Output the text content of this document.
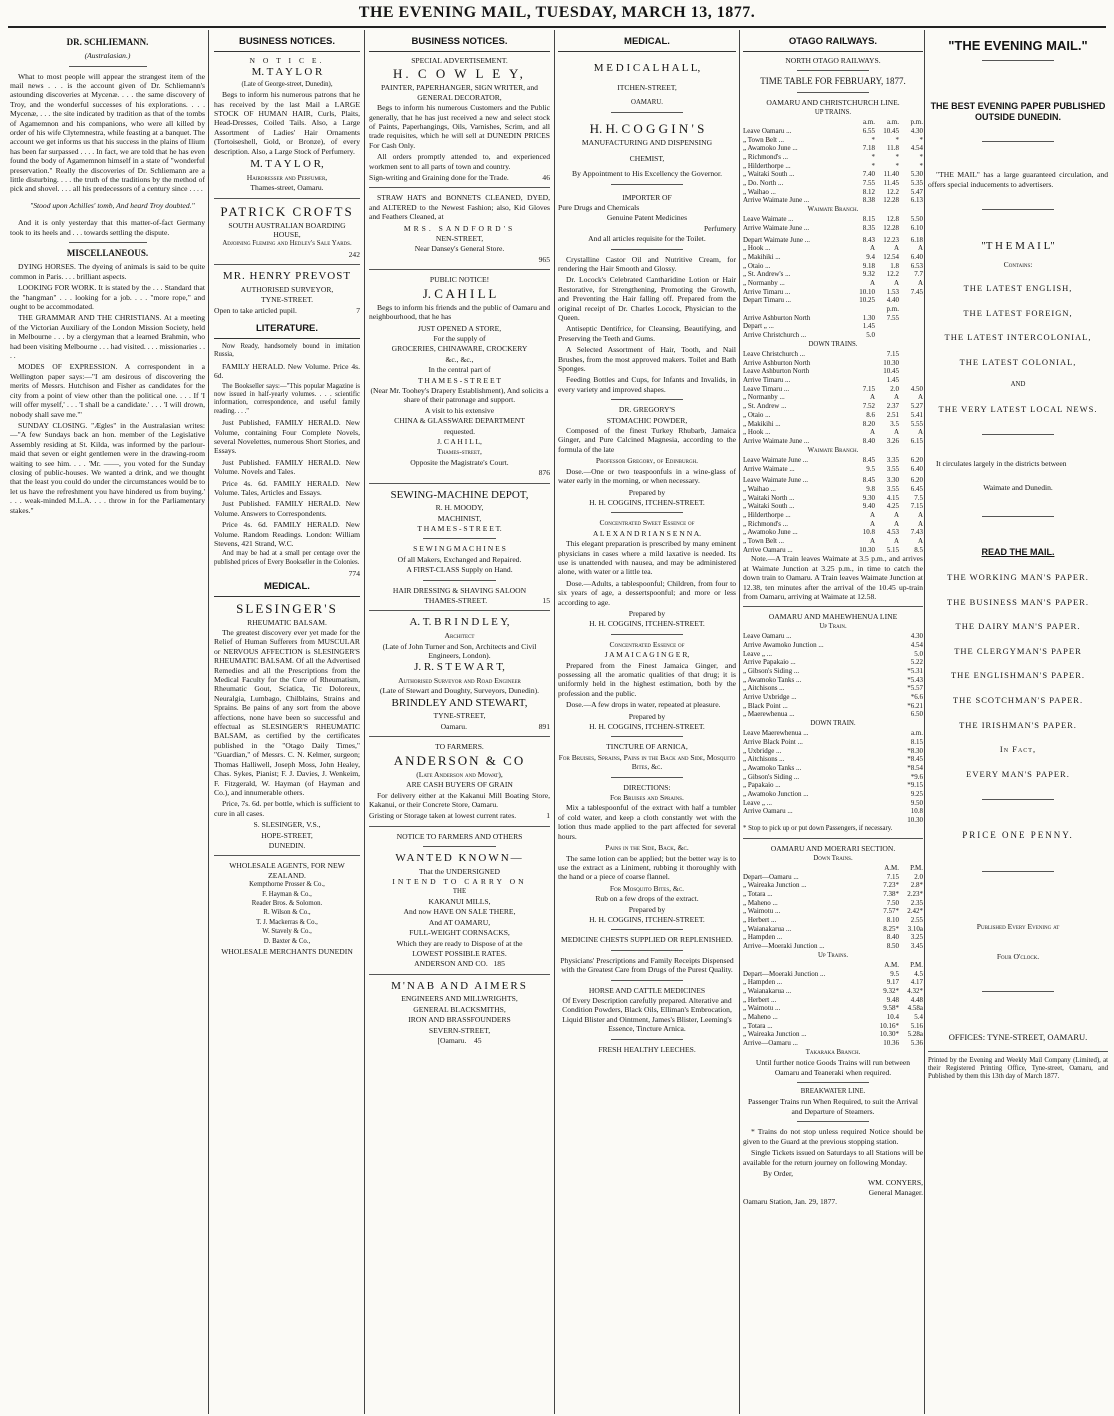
THE EVENING MAIL, TUESDAY, MARCH 13, 1877.
DR. SCHLIEMANN.
(Australasian.)

What to most people will appear the strangest item of the mail news . . . is the account given of Dr. Schliemann's astounding discoveries at Mycenæ. . . . the same discovery of Troy, and the wonderful successes of his explorations. . . . Mycenæ, . . . the site indicated by tradition as that of the tombs of Agamemnon and his companions, who were all killed by order of his wife Clytemnestra, while feasting at a banquet. The account we get informs us that his success in the plains of Ilium has been far surpassed . . . . In fact, we are told that he has even found the body of Agamemnon himself in a state of "wonderful preservation." Really the discoveries of Dr. Schliemann are a little disturbing. . . . the truth of the traditions by the method of pick and shovel. . . . all his predecessors of a century since . . . .

"Stood upon Achilles' tomb, And heard Troy doubted."

And it is only yesterday that this matter-of-fact Germany took to its heels and . . . towards settling the dispute.

MISCELLANEOUS.

DYING HORSES. The dyeing of animals is said to be quite common in Paris. . . . brilliant aspects.

LOOKING FOR WORK. It is stated by the . . . Standard that the "hangman" . . . looking for a job. . . . "more rope," and ought to be accommodated.

THE GRAMMAR AND THE CHRISTIANS. At a meeting of the Victorian Auxiliary of the London Mission Society, held in Melbourne . . . by a clergyman that a learned Brahmin, who had been visiting Melbourne . . . had visited. . . . missionaries . . . .

MODES OF EXPRESSION. A correspondent in a Wellington paper says:—"I am desirous of discovering the merits of Messrs. Hutchison and Fisher as candidates for the city from a point of view other than the political one. . . . If 'I will offer myself,' . . . 'I shall be a candidate.' . . . 'I will drown, nobody shall save me.'"

SUNDAY CLOSING. "Ægles" in the Australasian writes:—"A few Sundays back an hon. member of the Legislative Assembly residing at St. Kilda, was informed by the parlour-maid that seven or eight gentlemen were in the drawing-room waiting to see him. . . . 'Mr. ——, you voted for the Sunday closing of public-houses. We wanted a drink, and we thought that the least you could do under the circumstances would be to let us have the refreshment you have hindered us from buying.' . . . weak-minded M.L.A. . . . throw in for the Parliamentary stakes."

BUSINESS NOTICES.
N O T I C E.
M. T A Y L O R
(Late of George-street, Dunedin),

Begs to inform his numerous patrons that he has received by the last Mail a LARGE STOCK OF HUMAN HAIR, Curls, Plaits, Head-Dresses, Coiled Tails. Also, a Large Assortment of Ladies' Hair Ornaments (Tortoiseshell, Gold, or Bronze), of every description. Also, a Large Stock of Perfumery.

M. T A Y L O R,
Hairdresser and Perfumer,
Thames-street, Oamaru.
PATRICK CROFTS
SOUTH AUSTRALIAN BOARDING HOUSE,
Adjoining Fleming and Hedley's Sale Yards.
242
MR. HENRY PREVOST
AUTHORISED SURVEYOR,
TYNE-STREET.
Open to take articled pupil.	7
LITERATURE.

Now Ready, handsomely bound in imitation Russia,

FAMILY HERALD. New Volume. Price 4s. 6d.

The Bookseller says:—"This popular Magazine is now issued in half-yearly volumes. . . . scientific information, correspondence, and useful family reading. . . ."

Just Published, FAMILY HERALD. New Volume, containing Four Complete Novels, several Novelettes, numerous Short Stories, and Essays.

Just Published. FAMILY HERALD. New Volume. Novels and Tales.

Price 4s. 6d. FAMILY HERALD. New Volume. Tales, Articles and Essays.

Just Published. FAMILY HERALD. New Volume. Answers to Correspondents.

Price 4s. 6d. FAMILY HERALD. New Volume. Random Readings. London: William Stevens, 421 Strand, W.C.

And may be had at a small per centage over the published prices of Every Bookseller in the Colonies.

774
MEDICAL.
SLESINGER'S
RHEUMATIC BALSAM.

The greatest discovery ever yet made for the Relief of Human Sufferers from MUSCULAR or NERVOUS AFFECTION is SLESINGER'S RHEUMATIC BALSAM. Of all the Advertised Remedies and all the Prescriptions from the Medical Faculty for the Cure of Rheumatism, Rheumatic Gout, Sciatica, Tic Doloreux, Neuralgia, Lumbago, Chilblains, Strains and Sprains. Be pains of any sort from the above affections, none have been so successful and effectual as SLESINGER'S RHEUMATIC BALSAM, as certified by the certificates published in the "Otago Daily Times," "Guardian," of Messrs. C. N. Kelmer, surgeon; Thomas Halliwell, Joseph Moss, John Healey, Chas. Sykes, Pianist; F. J. Davies, J. Wenkeim, F. Fitzgerald, W. Hayman (of Hayman and Co.), and innumerable others.

Price, 7s. 6d. per bottle, which is sufficient to cure in all cases.

S. SLESINGER, V.S.,
HOPE-STREET,
DUNEDIN.
WHOLESALE AGENTS, FOR NEW ZEALAND.
Kempthorne Prosser & Co.,
F. Hayman & Co.,
Reader Bros. & Solomon.
R. Wilson & Co.,
T. J. Mackerras & Co.,
W. Stavely & Co.,
D. Baxter & Co.,
WHOLESALE MERCHANTS DUNEDIN
BUSINESS NOTICES.
SPECIAL ADVERTISEMENT.
H. C O W L E Y,
PAINTER, PAPERHANGER, SIGN WRITER, and GENERAL DECORATOR,

Begs to inform his numerous Customers and the Public generally, that he has just received a new and select stock of Paints, Paperhangings, Oils, Varnishes, Scrim, and all trade requisites, which he will sell at DUNEDIN PRICES For Cash Only.

All orders promptly attended to, and experienced workmen sent to all parts of town and country.

Sign-writing and Graining done for the Trade.	46

STRAW HATS and BONNETS CLEANED, DYED, and ALTERED to the Newest Fashion; also, Kid Gloves and Feathers Cleaned, at

MRS. SANDFORD'S
NEN-STREET,
Near Dansey's General Store.
965
PUBLIC NOTICE!
J. C A H I L L

Begs to inform his friends and the public of Oamaru and neighbourhood, that he has

JUST OPENED A STORE,
For the supply of
GROCERIES, CHINAWARE, CROCKERY
&c., &c.,
In the central part of
T H A M E S - S T R E E T
(Near Mr. Toohey's Drapery Establishment), And solicits a share of their patronage and support.
A visit to his extensive
CHINA & GLASSWARE DEPARTMENT
requested.
J. C A H I L L,
Thames-street,
Opposite the Magistrate's Court.
876
SEWING-MACHINE DEPOT,
R. H. MOODY,
MACHINIST,
T H A M E S - S T R E E T.
S E W I N G M A C H I N E S
Of all Makers, Exchanged and Repaired.
A FIRST-CLASS Supply on Hand.
HAIR DRESSING & SHAVING SALOON
THAMES-STREET.	15
A. T. B R I N D L E Y,
Architect
(Late of John Turner and Son, Architects and Civil Engineers, London).
J. R. S T E W A R T,
Authorised Surveyor and Road Engineer
(Late of Stewart and Doughty, Surveyors, Dunedin).
BRINDLEY AND STEWART,
TYNE-STREET,
Oamaru.	891
TO FARMERS.
ANDERSON & CO
(Late Anderson and Mowat),
ARE CASH BUYERS OF GRAIN

For delivery either at the Kakanui Mill Boating Store, Kakanui, or their Concrete Store, Oamaru.

Gristing or Storage taken at lowest current rates.	1
NOTICE TO FARMERS AND OTHERS
WANTED KNOWN—
That the UNDERSIGNED
INTEND TO CARRY ON
THE
KAKANUI MILLS,
And now HAVE ON SALE THERE,
And AT OAMARU,
FULL-WEIGHT CORNSACKS,
Which they are ready to Dispose of at the
LOWEST POSSIBLE RATES.
ANDERSON AND CO. 185
M'NAB AND AIMERS
ENGINEERS AND MILLWRIGHTS,
GENERAL BLACKSMITHS,
IRON AND BRASSFOUNDERS
SEVERN-STREET,
[Oamaru. 45
MEDICAL.
M E D I C A L H A L L,
ITCHEN-STREET,
OAMARU.
H. H. C O G G I N ' S
MANUFACTURING AND DISPENSING
CHEMIST,
By Appointment to His Excellency the Governor.
IMPORTER OF
Pure Drugs and Chemicals
Genuine Patent Medicines
Perfumery
And all articles requisite for the Toilet.

Crystalline Castor Oil and Nutritive Cream, for rendering the Hair Smooth and Glossy.

Dr. Locock's Celebrated Cantharidine Lotion or Hair Restorative, for Strengthening, Promoting the Growth, and Preventing the Hair falling off. Prepared from the original receipt of Dr. Charles Locock, Physician to the Queen.

Antiseptic Dentifrice, for Cleansing, Beautifying, and Preserving the Teeth and Gums.

A Selected Assortment of Hair, Tooth, and Nail Brushes, from the most approved makers. Toilet and Bath Sponges.

Feeding Bottles and Cups, for Infants and Invalids, in every variety and improved shapes.

DR. GREGORY'S
STOMACHIC POWDER,

Composed of the finest Turkey Rhubarb, Jamaica Ginger, and Pure Calcined Magnesia, according to the formula of the late

Professor Gregory, of Edinburgh.

Dose.—One or two teaspoonfuls in a wine-glass of water early in the morning, or when necessary.

Prepared by
H. H. COGGINS, ITCHEN-STREET.
Concentrated Sweet Essence of
A L E X A N D R I A N S E N N A.

This elegant preparation is prescribed by many eminent physicians in cases where a mild laxative is needed. Its use is unattended with nausea, and may be administered alone, with water or a little tea.

Dose.—Adults, a tablespoonful; Children, from four to six years of age, a dessertspoonful; and more or less according to age.

Prepared by
H. H. COGGINS, ITCHEN-STREET.
Concentrated Essence of
J A M A I C A G I N G E R,

Prepared from the Finest Jamaica Ginger, and possessing all the aromatic qualities of that drug; it is uniformly held in the highest estimation, both by the profession and the public.

Dose.—A few drops in water, repeated at pleasure.

Prepared by
H. H. COGGINS, ITCHEN-STREET.
TINCTURE OF ARNICA,
For Bruises, Sprains, Pains in the Back and Side, Mosquito Bites, &c.
DIRECTIONS:
For Bruises and Sprains.

Mix a tablespoonful of the extract with half a tumbler of cold water, and keep a cloth constantly wet with the lotion thus made applied to the part affected for several hours.

Pains in the Side, Back, &c.

The same lotion can be applied; but the better way is to use the extract as a Liniment, rubbing it thoroughly with the hand or a piece of coarse flannel.

For Mosquito Bites, &c.
Rub on a few drops of the extract.
Prepared by
H. H. COGGINS, ITCHEN-STREET.
MEDICINE CHESTS SUPPLIED OR REPLENISHED.
Physicians' Prescriptions and Family Receipts Dispensed with the Greatest Care from Drugs of the Purest Quality.
HORSE AND CATTLE MEDICINES
Of Every Description carefully prepared. Alterative and Condition Powders, Black Oils, Elliman's Embrocation, Liquid Blister and Ointment, James's Blister, Leeming's Essence, Tincture Arnica.
FRESH HEALTHY LEECHES.
OTAGO RAILWAYS.
NORTH OTAGO RAILWAYS.
TIME TABLE FOR FEBRUARY, 1877.
OAMARU AND CHRISTCHURCH LINE.
UP TRAINS.
	a.m.	a.m.	p.m.
Leave Oamaru ...	6.55	10.45	4.30
„ Town Belt ...	*	*	*
„ Awamoko June ...	7.18	11.8	4.54
„ Richmond's ...	*	*	*
„ Hilderthorpe ...	*	*	*
„ Waitaki South ...	7.40	11.40	5.30
„ Do. North ...	7.55	11.45	5.35
„ Waihao ...	8.12	12.2	5.47
Arrive Waimate June ...	8.38	12.28	6.13
Waimate Branch.
Leave Waimate ...	8.15	12.8	5.50
Arrive Waimate June ...	8.35	12.28	6.10
Depart Waimate June ...	8.43	12.23	6.18
„ Hook ...	A	A	A
„ Makihiki ...	9.4	12.54	6.40
„ Otaio ...	9.18	1.8	6.53
„ St. Andrew's ...	9.32	12.2	7.7
„ Normanby ...	A	A	A
Arrive Timaru ...	10.10	1.53	7.45
Depart Timaru ...	10.25	4.40	
		p.m.	
Arrive Ashburton North	1.30	7.55	
Depart „ ...	1.45		
Arrive Christchurch ...	5.0		
DOWN TRAINS.
Leave Christchurch ...		7.15	
Arrive Ashburton North		10.30	
Leave Ashburton North		10.45	
Arrive Timaru ...		1.45	
Leave Timaru ...	7.15	2.0	4.50
„ Normanby ...	A	A	A
„ St. Andrew ...	7.52	2.37	5.27
„ Otaio ...	8.6	2.51	5.41
„ Makikihi ...	8.20	3.5	5.55
„ Hook ...	A	A	A
Arrive Waimate June ...	8.40	3.26	6.15
Waimate Branch.
Leave Waimate June ...	8.45	3.35	6.20
Arrive Waimate ...	9.5	3.55	6.40
Leave Waimate June ...	8.45	3.30	6.20
„ Waihao ...	9.8	3.55	6.45
„ Waitaki North ...	9.30	4.15	7.5
„ Waitaki South ...	9.40	4.25	7.15
„ Hilderthorpe ...	A	A	A
„ Richmond's ...	A	A	A
„ Awamoko June ...	10.8	4.53	7.43
„ Town Belt ...	A	A	A
Arrive Oamaru ...	10.30	5.15	8.5

Note.—A Train leaves Waimate at 3.5 p.m., and arrives at Waimate Junction at 3.25 p.m., in time to catch the down train to Oamaru. A Train leaves Waimate Junction at 12.38, ten minutes after the arrival of the 10.45 up-train from Oamaru, arriving at Waimate at 12.58.

OAMARU AND MAHEWHENUA LINE
Up Train.
Leave Oamaru ...	4.30
Arrive Awamoko Junction ...	4.54
Leave „ ...	5.0
Arrive Papakaio ...	5.22
„ Gibson's Siding ...	*5.31
„ Awamoko Tanks ...	*5.43
„ Aitchisons ...	*5.57
Arrive Uxbridge ...	*6.6
„ Black Point ...	*6.21
„ Maerewhenua ...	6.50
DOWN TRAIN.
Leave Maerewhenua ...	a.m.
Arrive Black Point ...	8.15
„ Uxbridge ...	*8.30
„ Aitchisons ...	*8.45
„ Awamoko Tanks ...	*8.54
„ Gibson's Siding ...	*9.6
„ Papakaio ...	*9.15
„ Awamoko Junction ...	9.25
Leave „ ...	9.50
Arrive Oamaru ...	10.8
	10.30
* Stop to pick up or put down Passengers, if necessary.
OAMARU AND MOERARI SECTION.
Down Trains.
	A.M.	P.M.
Depart—Oamaru ...	7.15	2.0
„ Waireaka Junction ...	7.23*	2.8*
„ Totara ...	7.38*	2.23*
„ Maheno ...	7.50	2.35
„ Waimotu ...	7.57*	2.42*
„ Herbert ...	8.10	2.55
„ Waianakarua ...	8.25*	3.10a
„ Hampden ...	8.40	3.25
Arrive—Moeraki Junction ...	8.50	3.45
Up Trains.
	A.M.	P.M.
Depart—Moeraki Junction ...	9.5	4.5
„ Hampden ...	9.17	4.17
„ Waianakarua ...	9.32*	4.32*
„ Herbert ...	9.48	4.48
„ Waimotu ...	9.58*	4.58a
„ Maheno ...	10.4	5.4
„ Totara ...	10.16*	5.16
„ Waireaka Junction ...	10.30*	5.28a
Arrive—Oamaru ...	10.36	5.36
Takaraka Branch.
Until further notice Goods Trains will run between Oamaru and Teaneraki when required.
BREAKWATER LINE.
Passenger Trains run When Required, to suit the Arrival and Departure of Steamers.

* Trains do not stop unless required Notice should be given to the Guard at the previous stopping station.

Single Tickets issued on Saturdays to all Stations will be available for the return journey on following Monday.

By Order,
WM. CONYERS,
General Manager.
Oamaru Station, Jan. 29, 1877.
"THE EVENING MAIL."
THE BEST EVENING PAPER PUBLISHED OUTSIDE DUNEDIN.

"THE MAIL" has a large guaranteed circulation, and offers special inducements to advertisers.

"T H E M A I L"
Contains:
THE LATEST ENGLISH,
THE LATEST FOREIGN,
THE LATEST INTERCOLONIAL,
THE LATEST COLONIAL,
AND
THE VERY LATEST LOCAL NEWS.

It circulates largely in the districts between

Waimate and Dunedin.
READ THE MAIL.
THE WORKING MAN'S PAPER.
THE BUSINESS MAN'S PAPER.
THE DAIRY MAN'S PAPER.
THE CLERGYMAN'S PAPER
THE ENGLISHMAN'S PAPER.
THE SCOTCHMAN'S PAPER.
THE IRISHMAN'S PAPER.
In Fact,
EVERY MAN'S PAPER.
PRICE ONE PENNY.
Published Every Evening at
Four O'clock.
OFFICES: TYNE-STREET, OAMARU.
Printed by the Evening and Weekly Mail Company (Limited), at their Registered Printing Office, Tyne-street, Oamaru, and Published by them this 13th day of March 1877.
